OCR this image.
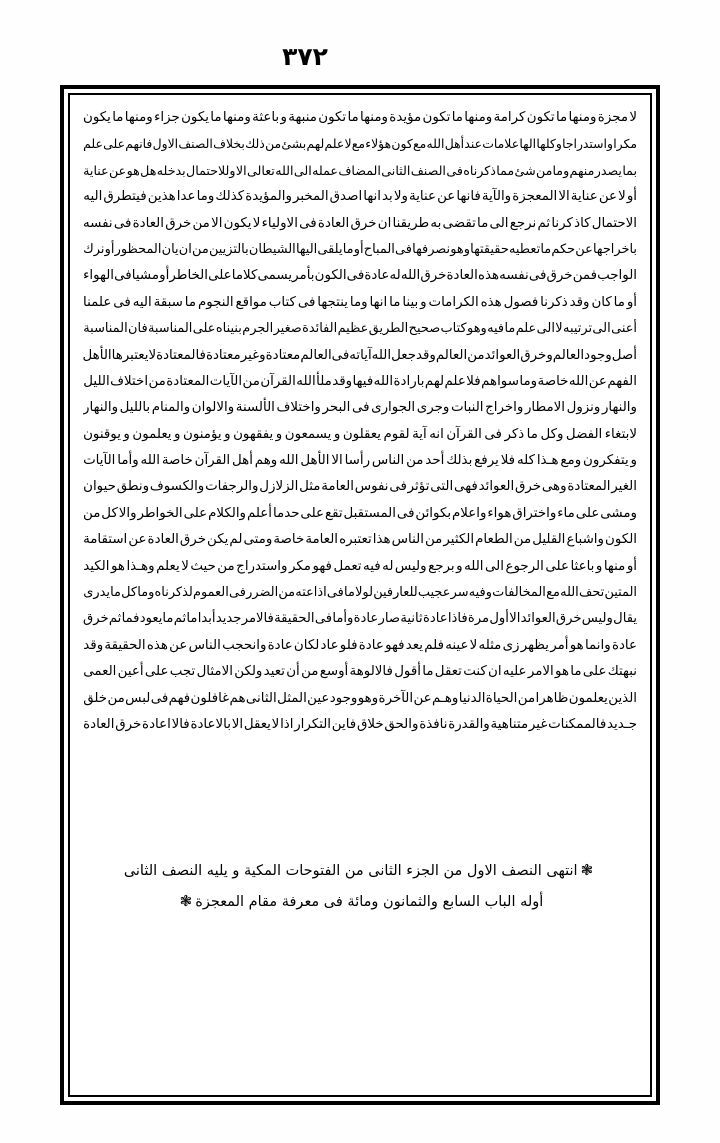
٣٧٢
لا
مجزة
ومنها
ما
تكون
كرامة
ومنها
ما
تكون
مؤيدة
ومنها
ما
تكون
منبهة
و
باعثة
ومنها
ما
يكون
جزاء
ومنها
ما
يكون
مكرا
واستدراجا
وكلها
الها
علامات
عند
أهل
الله
مع
كون
هؤلاء
مع
لا
علم
لهم
بشئ
من
ذلك
بخلاف
الصنف
الاول
فانهم
على
علم
بما
يصدر
منهم
ومامن
شئ
مما
ذكرناه
فى
الصنف
الثانى
المضاف
عمله
الى
الله
تعالى
الا
وللاحتمال
بدخله
هل
هو
عن
عناية
أو
لا
عن
عناية
الا
المعجزة
والآية
فانها
عن
عناية
ولا
بد
انها
اصدق
المخبر
والمؤيدة
كذلك
وما
عدا
هذين
فيتطرق
اليه
الاحتمال
كاذ
كرنا
ثم
نرجع
الى
ما
تقضى
به
طريقنا
ان
خرق
العادة
فى
الاولياء
لا
يكون
الا
من
خرق
العادة
فى
نفسه
باخراجها
عن
حكم
ما
تعطيه
حقيقتها
وهو
نصرفها
فى
المباح
أو
ما
يلقى
اليها
الشيطان
بالتزيين
من
ان
يان
المحظور
أو
نرك
الواجب
فمن
خرق
فى
نفسه
هذه
العادة
خرق
الله
له
عادة
فى
الكون
بأمر
يسمى
كلاما
على
الخاطر
أو
مشيا
فى
الهواء
أو
ما
كان
وقد
ذكرنا
فصول
هذه
الكرامات
و
بينا
ما
انها
وما
ينتجها
فى
كتاب
مواقع
النجوم
ما
سبقة
اليه
فى
علمنا
أعنى
الى
ترتيبه
لا
الى
علم
ما
فيه
وهو
كتاب
صحيح
الطريق
عظيم
الفائدة
صغير
الجرم
بنيناه
على
المناسبة
فان
المناسبة
أصل
وجود
العالم
وخرق
العوائد
من
العالم
وقد
جعل
الله
آياته
فى
العالم
معتادة
وغير
معتادة
فالمعتادة
لا
يعتبرها
الأهل
الفهم
عن
الله
خاصة
وما
سواهم
فلا
علم
لهم
بارادة
الله
فيها
وقد
ملأ
الله
القرآن
من
الآيات
المعتادة
من
اختلاف
الليل
والنهار
ونزول
الامطار
واخراج
النبات
وجرى
الجوارى
فى
البحر
واختلاف
الألسنة
والالوان
والمنام
بالليل
والنهار
لابتغاء
الفضل
وكل
ما
ذكر
فى
القرآن
انه
آية
لقوم
يعقلون
و
يسمعون
و
يفقهون
و
يؤمنون
و
يعلمون
و
يوقنون
و
يتفكرون
ومع
هـذا
كله
فلا
يرفع
بذلك
أحد
من
الناس
رأسا
الا
الأهل
الله
وهم
أهل
القرآن
خاصة
الله
وأما
الآيات
الغير
المعتادة
وهى
خرق
العوائد
فهى
التى
تؤثر
فى
نفوس
العامة
مثل
الزلازل
والرجفات
والكسوف
ونطق
حيوان
ومشى
على
ماء
واختراق
هواء
واعلام
بكوائن
فى
المستقبل
تقع
على
حدما
أعلم
والكلام
على
الخواطر
والا
كل
من
الكون
واشباع
القليل
من
الطعام
الكثير
من
الناس
هذا
تعتبره
العامة
خاصة
ومتى
لم
يكن
خرق
العادة
عن
استقامة
أو
منها
و
باعثا
على
الرجوع
الى
الله
و
برجع
وليس
له
فيه
تعمل
فهو
مكر
واستدراج
من
حيث
لا
يعلم
وهـذا
هو
الكيد
المتين
تحف
الله
مع
المخالفات
وفيه
سر
عجيب
للعارفين
لولا
ما
فى
اذاعته
من
الضرر
فى
العموم
لذكرناه
وما
كل
ما
يدرى
يقال
وليس
خرق
العوائد
الا
أول
مرة
فاذا
عادة
ثانية
صار
عادة
وأما
فى
الحقيقة
فالامر
جديد
أبدا
ما
ثم
مايعود
فما
ثم
خرق
عادة
وانما
هو
أمر
يظهر
زى
مثله
لا
عينه
فلم
يعد
فهو
عادة
فلو
عاد
لكان
عادة
وانحجب
الناس
عن
هذه
الحقيقة
وقد
نبهتك
على
ما
هو
الامر
عليه
ان
كنت
تعقل
ما
أقول
فالالوهة
أوسع
من
أن
تعيد
ولكن
الامثال
تجب
على
أعين
العمى
الذين
يعلمون
ظاهرا
من
الحياة
الدنيا
وهـم
عن
الآخرة
وهو
وجود
عين
المثل
الثانى
هم
غافلون
فهم
فى
لبس
من
خلق
جـديد
فالممكنات
غير
متناهية
والقدرة
نافذة
والحق
خلاق
فاين
التكرار
اذا
لا
يعقل
الا
بالاعادة
فالا
اعادة
خرق
العادة
❃انتهى النصف الاول من الجزء الثانى من الفتوحات المكية و يليه النصف الثانى
أوله الباب السابع والثمانون ومائة فى معرفة مقام المعجزة❃
